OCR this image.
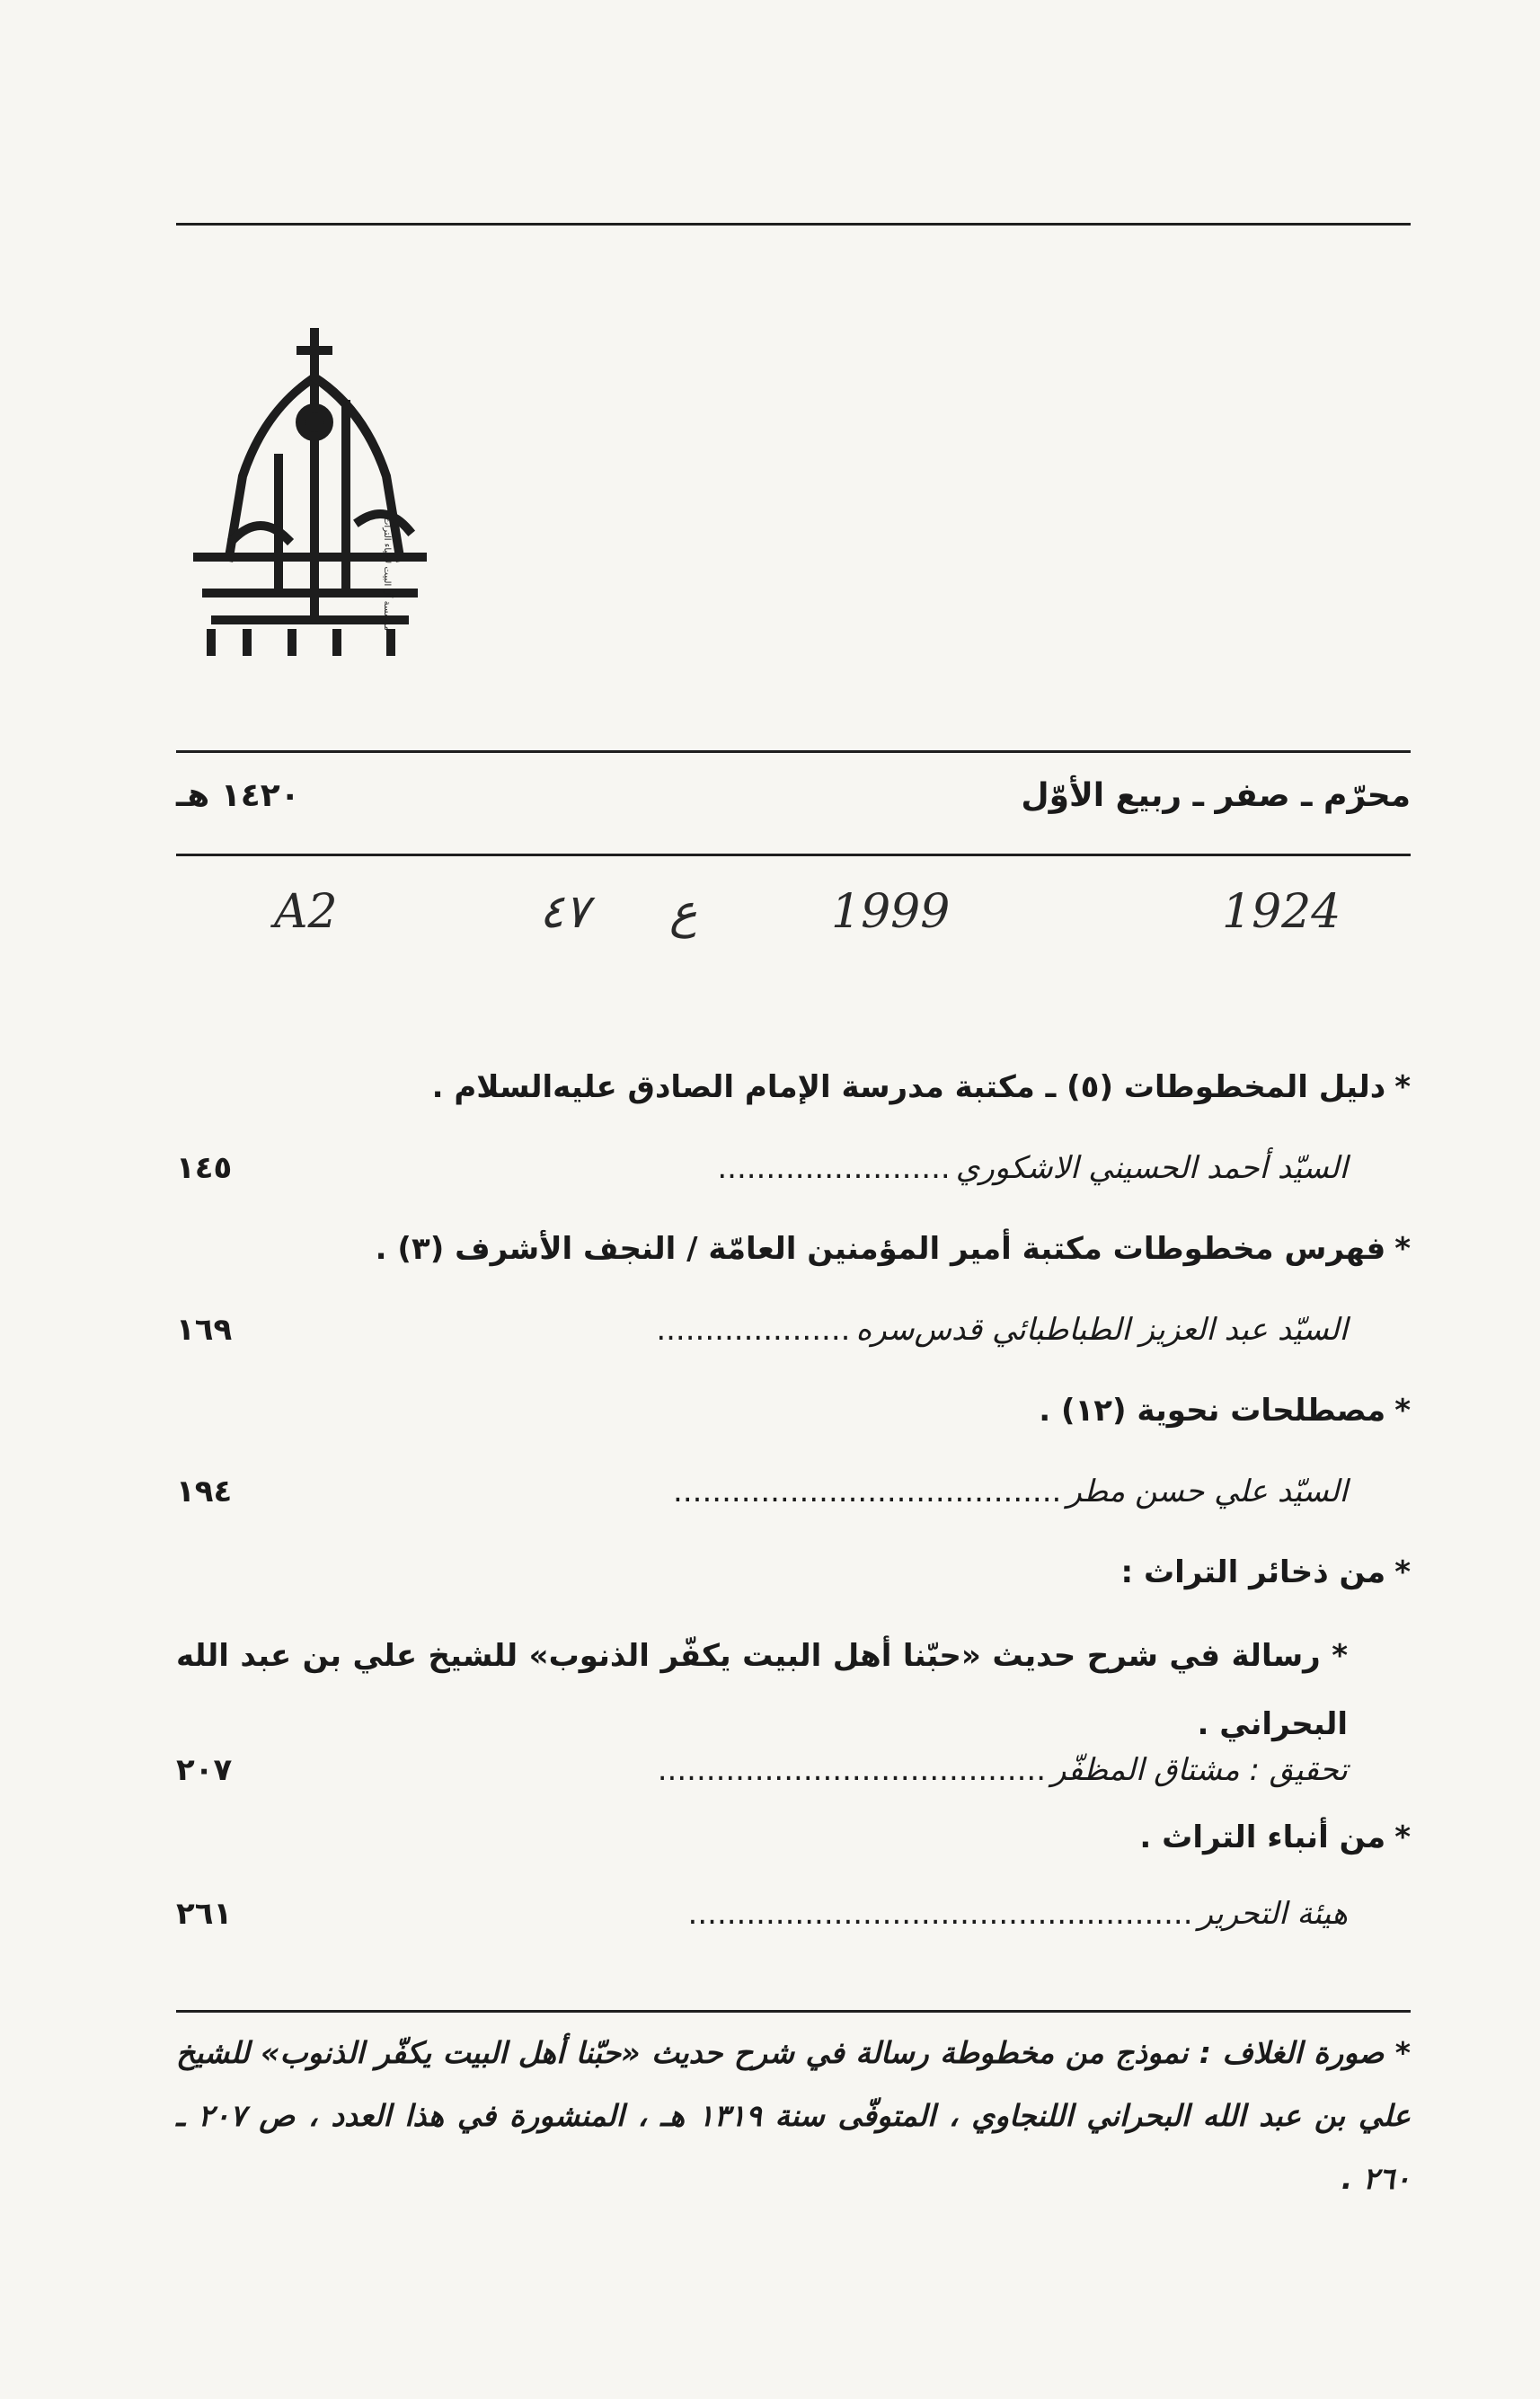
مؤسسة آل البيت لإحياء التراث
محرّم ـ صفر ـ ربيع الأوّل
١٤٢٠ هـ
A2	٤٧ ع	1999	1924
*دليل المخطوطات (٥) ـ مكتبة مدرسة الإمام الصادق عليه‌السلام .
السيّد أحمد الحسيني الاشكوري........................
١٤٥
*فهرس مخطوطات مكتبة أمير المؤمنين العامّة / النجف الأشرف (٣) .
السيّد عبد العزيز الطباطبائي قدس‌سره....................
١٦٩
*مصطلحات نحوية (١٢) .
السيّد علي حسن مطر........................................
١٩٤
*من ذخائر التراث :
* رسالة في شرح حديث «حبّنا أهل البيت يكفّر الذنوب» للشيخ علي بن عبد الله البحراني .
تحقيق : مشتاق المظفّر........................................
٢٠٧
*من أنباء التراث .
هيئة التحرير....................................................
٢٦١
* صورة الغلاف : نموذج من مخطوطة رسالة في شرح حديث «حبّنا أهل البيت يكفّر الذنوب» للشيخ علي بن عبد الله البحراني اللنجاوي ، المتوفّى سنة ١٣١٩ هـ ، المنشورة في هذا العدد ، ص ٢٠٧ ـ ٢٦٠ .
